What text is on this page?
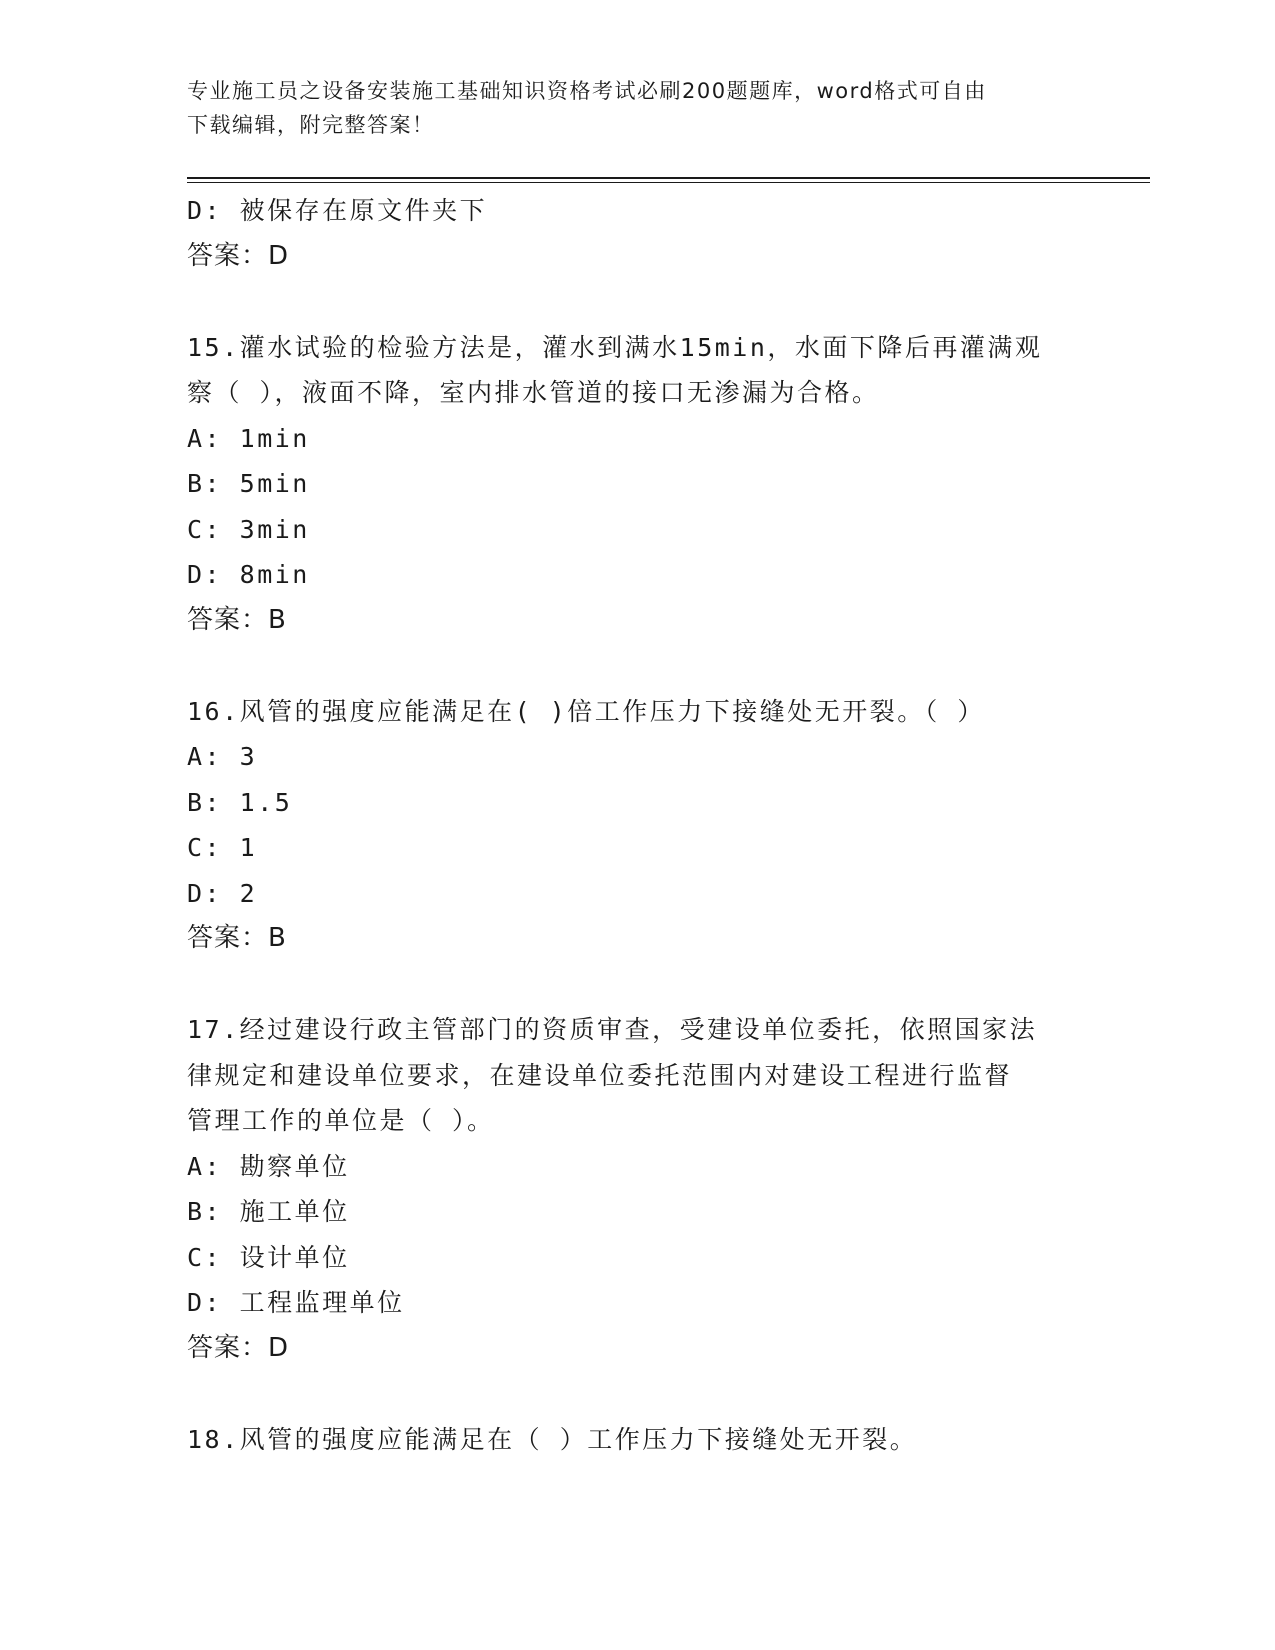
专业施工员之设备安装施工基础知识资格考试必刷200题题库，word格式可自由
下载编辑，附完整答案！
D: 被保存在原文件夹下
答案：D
15.灌水试验的检验方法是，灌水到满水15min，水面下降后再灌满观
察（ ），液面不降，室内排水管道的接口无渗漏为合格。
A: 1min
B: 5min
C: 3min
D: 8min
答案：B
16.风管的强度应能满足在( )倍工作压力下接缝处无开裂。（ ）
A: 3
B: 1.5
C: 1
D: 2
答案：B
17.经过建设行政主管部门的资质审查，受建设单位委托，依照国家法
律规定和建设单位要求，在建设单位委托范围内对建设工程进行监督
管理工作的单位是（ ）。
A: 勘察单位
B: 施工单位
C: 设计单位
D: 工程监理单位
答案：D
18.风管的强度应能满足在（ ）工作压力下接缝处无开裂。
